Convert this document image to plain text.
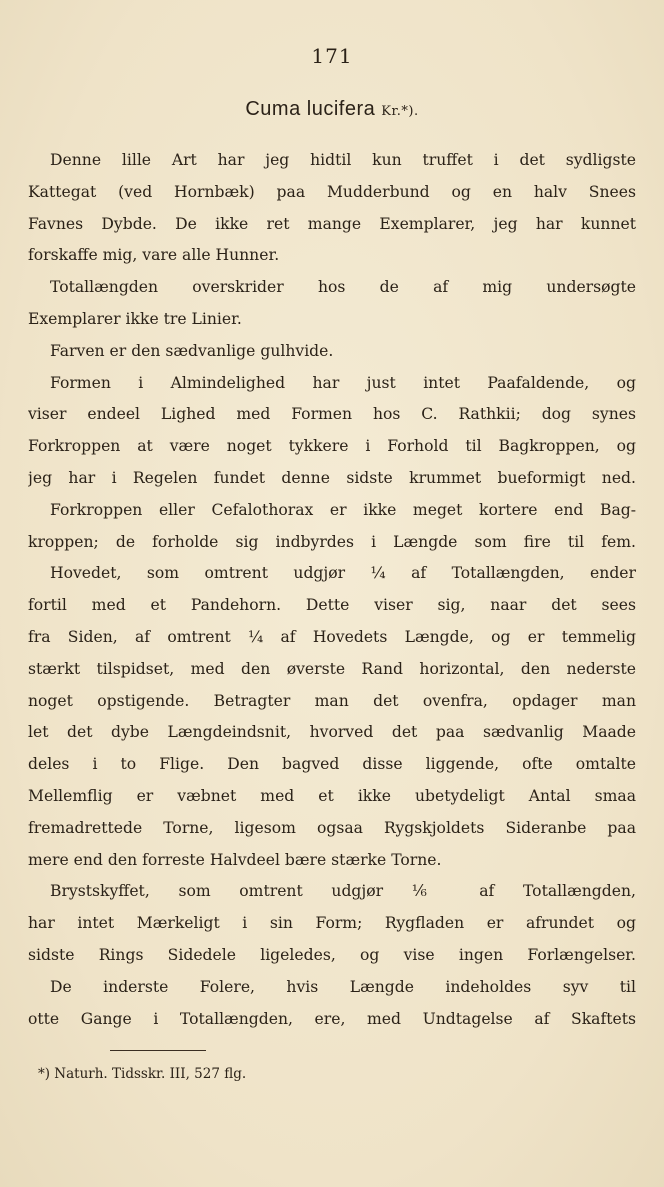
171
Cuma lucifera Kr.*).
Denne lille Art har jeg hidtil kun truffet i det sydligste
Kattegat (ved Hornbæk) paa Mudderbund og en halv Snees
Favnes Dybde. De ikke ret mange Exemplarer, jeg har kunnet
forskaffe mig, vare alle Hunner.
Totallængden overskrider hos de af mig undersøgte
Exemplarer ikke tre Linier.
Farven er den sædvanlige gulhvide.
Formen i Almindelighed har just intet Paafaldende, og
viser endeel Lighed med Formen hos C. Rathkii; dog synes
Forkroppen at være noget tykkere i Forhold til Bagkroppen, og
jeg har i Regelen fundet denne sidste krummet bueformigt ned.
Forkroppen eller Cefalothorax er ikke meget kortere end Bag-
kroppen; de forholde sig indbyrdes i Længde som fire til fem.
Hovedet, som omtrent udgjør ¼ af Totallængden, ender
fortil med et Pandehorn. Dette viser sig, naar det sees
fra Siden, af omtrent ¼ af Hovedets Længde, og er temmelig
stærkt tilspidset, med den øverste Rand horizontal, den nederste
noget opstigende. Betragter man det ovenfra, opdager man
let det dybe Længdeindsnit, hvorved det paa sædvanlig Maade
deles i to Flige. Den bagved disse liggende, ofte omtalte
Mellemflig er væbnet med et ikke ubetydeligt Antal smaa
fremadrettede Torne, ligesom ogsaa Rygskjoldets Sideranbe paa
mere end den forreste Halvdeel bære stærke Torne.
Brystskyffet, som omtrent udgjør ⅙ af Totallængden,
har intet Mærkeligt i sin Form; Rygfladen er afrundet og
sidste Rings Sidedele ligeledes, og vise ingen Forlængelser.
De inderste Folere, hvis Længde indeholdes syv til
otte Gange i Totallængden, ere, med Undtagelse af Skaftets
*) Naturh. Tidsskr. III, 527 flg.
